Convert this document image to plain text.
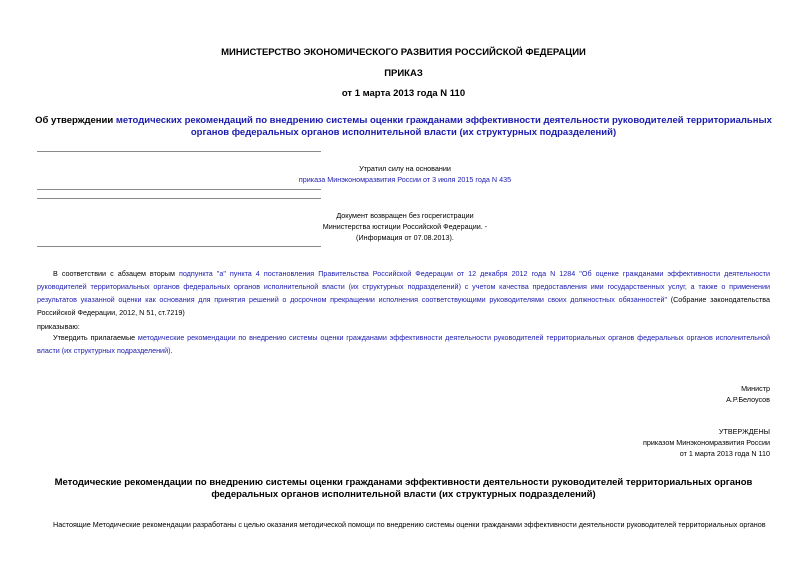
МИНИСТЕРСТВО ЭКОНОМИЧЕСКОГО РАЗВИТИЯ РОССИЙСКОЙ ФЕДЕРАЦИИ
ПРИКАЗ
от 1 марта 2013 года N 110
Об утверждении методических рекомендаций по внедрению системы оценки гражданами эффективности деятельности руководителей территориальных органов федеральных органов исполнительной власти (их структурных подразделений)
Утратил силу на основании
приказа Минэкономразвития России от 3 июля 2015 года N 435
Документ возвращен без госрегистрации
Министерства юстиции Российской Федерации. -
(Информация от 07.08.2013).
В соответствии с абзацем вторым подпункта "а" пункта 4 постановления Правительства Российской Федерации от 12 декабря 2012 года N 1284 "Об оценке гражданами эффективности деятельности руководителей территориальных органов федеральных органов исполнительной власти (их структурных подразделений) с учетом качества предоставления ими государственных услуг, а также о применении результатов указанной оценки как основания для принятия решений о досрочном прекращении исполнения соответствующими руководителями своих должностных обязанностей" (Собрание законодательства Российской Федерации, 2012, N 51, ст.7219)
приказываю:
Утвердить прилагаемые методические рекомендации по внедрению системы оценки гражданами эффективности деятельности руководителей территориальных органов федеральных органов исполнительной власти (их структурных подразделений).
Министр
А.Р.Белоусов
УТВЕРЖДЕНЫ
приказом Минэкономразвития России
от 1 марта 2013 года N 110
Методические рекомендации по внедрению системы оценки гражданами эффективности деятельности руководителей территориальных органов федеральных органов исполнительной власти (их структурных подразделений)
Настоящие Методические рекомендации разработаны с целью оказания методической помощи по внедрению системы оценки гражданами эффективности деятельности руководителей территориальных органов
